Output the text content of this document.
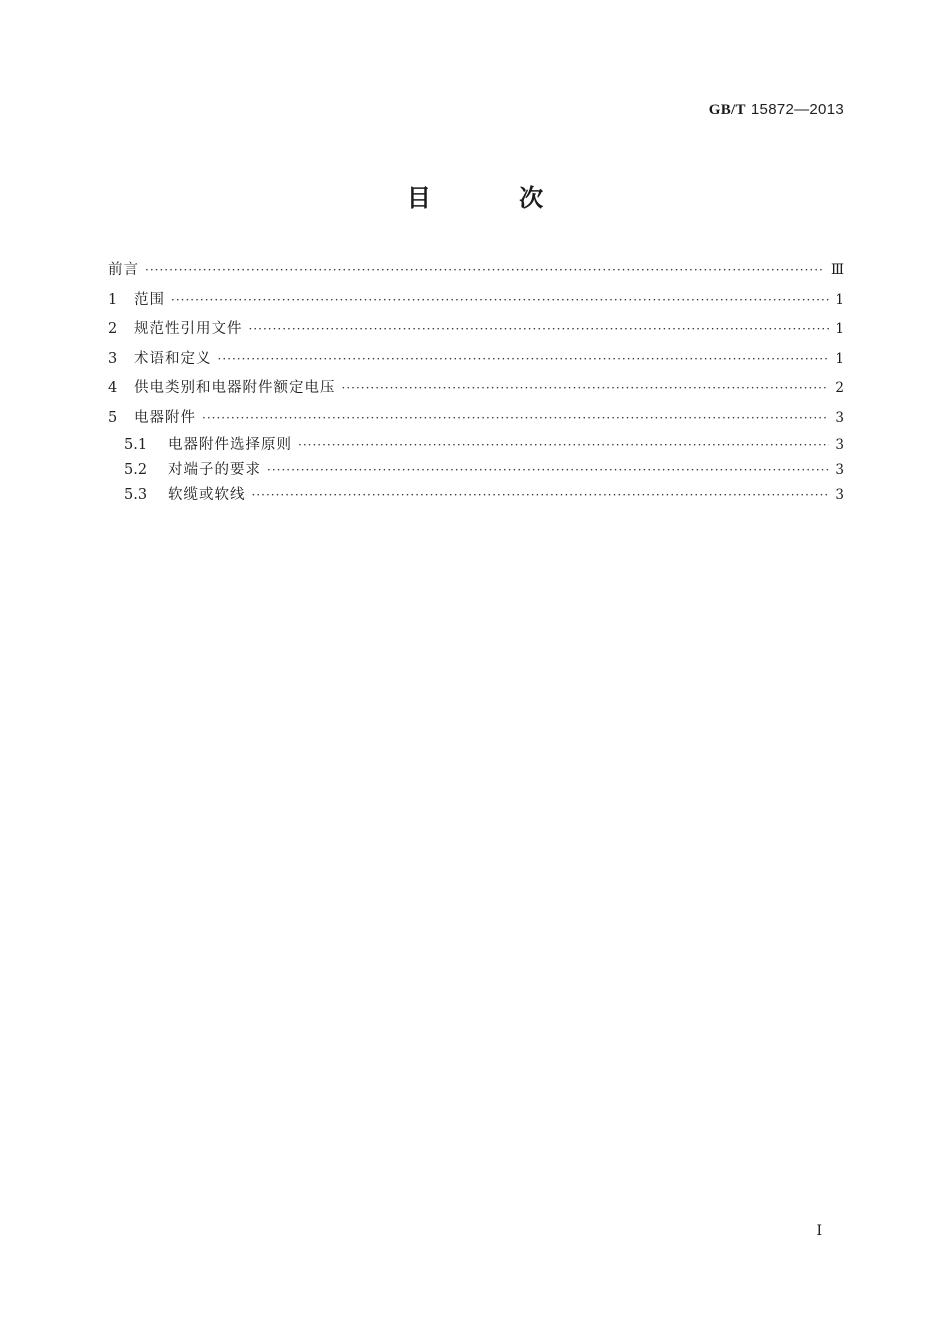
GB/T 15872—2013
目 次
前言 ·····	Ⅲ
1	范围 ·····	1
2	规范性引用文件 ·····	1
3	术语和定义 ·····	1
4	供电类别和电器附件额定电压 ·····	2
5	电器附件 ·····	3
5.1	电器附件选择原则 ·····	3
5.2	对端子的要求 ·····	3
5.3	软缆或软线 ·····	3
Ⅰ
